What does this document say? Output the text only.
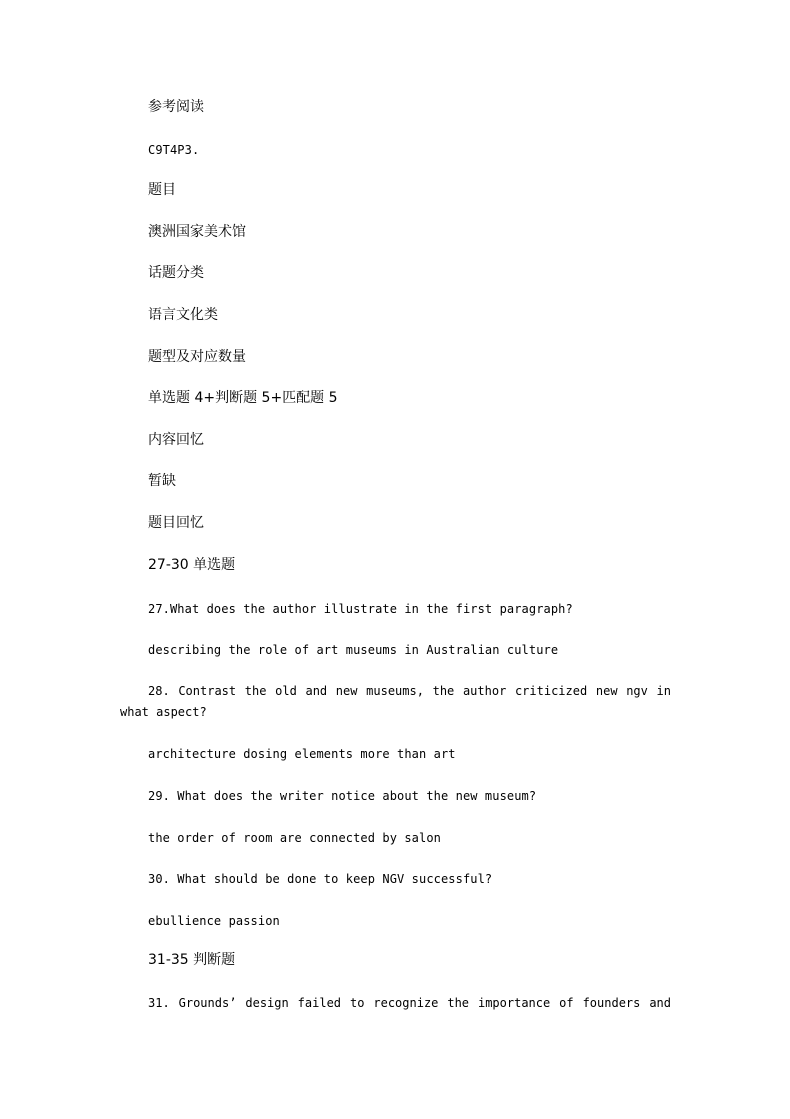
参考阅读
C9T4P3.
题目
澳洲国家美术馆
话题分类
语言文化类
题型及对应数量
单选题 4+判断题 5+匹配题 5
内容回忆
暂缺
题目回忆
27-30 单选题
27.What does the author illustrate in the first paragraph?
describing the role of art museums in Australian culture
28. Contrast the old and new museums, the author criticized new ngv in what aspect?
architecture dosing elements more than art
29. What does the writer notice about the new museum?
the order of room are connected by salon
30. What should be done to keep NGV successful?
ebullience passion
31-35 判断题
31. Grounds’ design failed to recognize the importance of founders and
